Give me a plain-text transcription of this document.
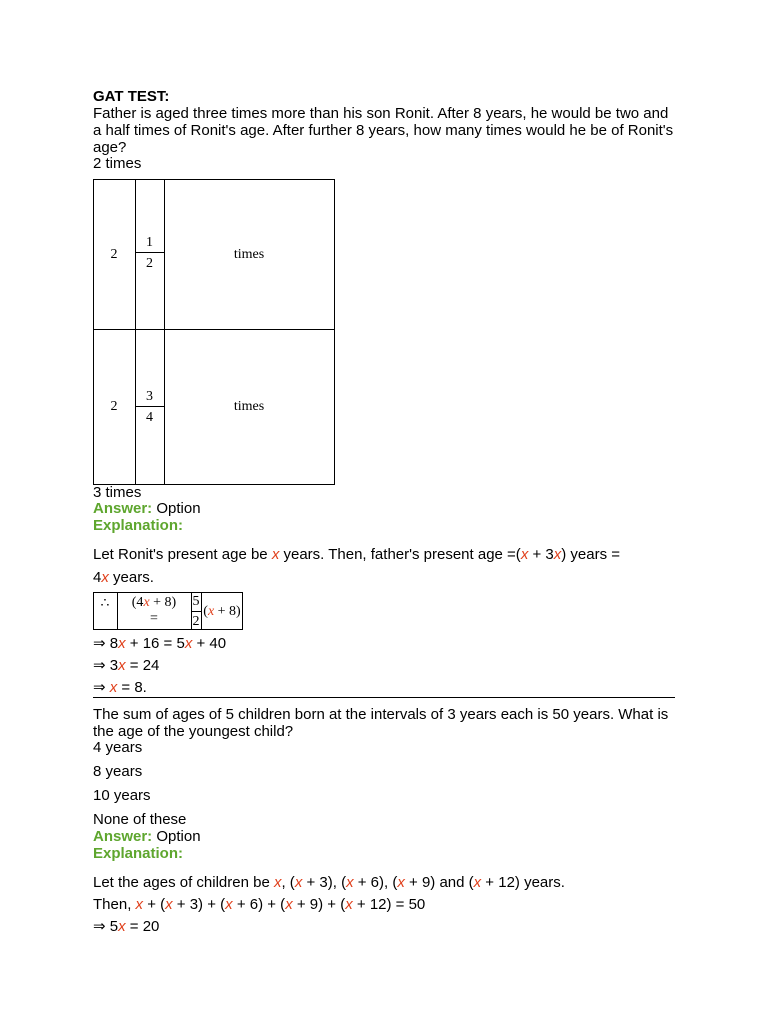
GAT TEST:
Father is aged three times more than his son Ronit. After 8 years, he would be two and a half times of Ronit's age. After further 8 years, how many times would he be of Ronit's age?
2 times
2
1
2
times
2
3
4
times
3 times
Answer: Option
Explanation:
Let Ronit's present age be x years. Then, father's present age =(x + 3x) years =
4x years.
∴	(4x + 8)
=
5
2
(x + 8)
⇒ 8x + 16 = 5x + 40
⇒ 3x = 24
⇒ x = 8.
The sum of ages of 5 children born at the intervals of 3 years each is 50 years. What is the age of the youngest child?
4 years
8 years
10 years
None of these
Answer: Option
Explanation:
Let the ages of children be x, (x + 3), (x + 6), (x + 9) and (x + 12) years.
Then, x + (x + 3) + (x + 6) + (x + 9) + (x + 12) = 50
⇒ 5x = 20
